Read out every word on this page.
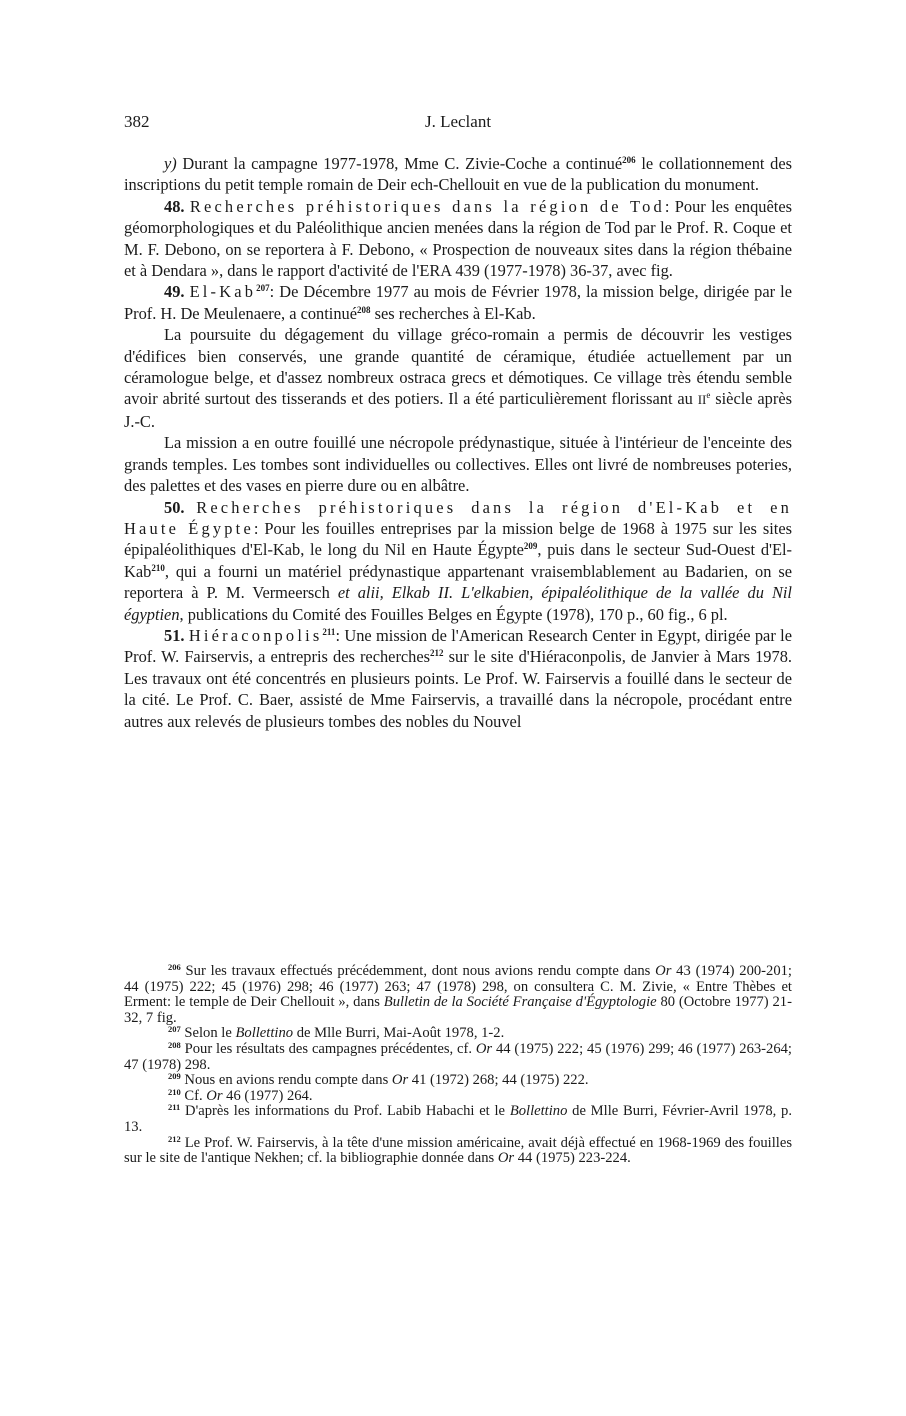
382	J. Leclant

y) Durant la campagne 1977-1978, Mme C. Zivie-Coche a continué$^{206}$ le collationnement des inscriptions du petit temple romain de Deir ech-Chellouit en vue de la publication du monument.

48. Recherches préhistoriques dans la région de Tod: Pour les enquêtes géomorphologiques et du Paléolithique ancien menées dans la région de Tod par le Prof. R. Coque et M. F. Debono, on se reportera à F. Debono, « Prospection de nouveaux sites dans la région thébaine et à Dendara », dans le rapport d'activité de l'ERA 439 (1977-1978) 36-37, avec fig.

49. El-Kab$^{207}$: De Décembre 1977 au mois de Février 1978, la mission belge, dirigée par le Prof. H. De Meulenaere, a continué$^{208}$ ses recherches à El-Kab.

La poursuite du dégagement du village gréco-romain a permis de découvrir les vestiges d'édifices bien conservés, une grande quantité de céramique, étudiée actuellement par un céramologue belge, et d'assez nombreux ostraca grecs et démotiques. Ce village très étendu semble avoir abrité surtout des tisserands et des potiers. Il a été particulièrement florissant au IIe siècle après J.-C.

La mission a en outre fouillé une nécropole prédynastique, située à l'intérieur de l'enceinte des grands temples. Les tombes sont individuelles ou collectives. Elles ont livré de nombreuses poteries, des palettes et des vases en pierre dure ou en albâtre.

50. Recherches préhistoriques dans la région d'El-Kab et en Haute Égypte: Pour les fouilles entreprises par la mission belge de 1968 à 1975 sur les sites épipaléolithiques d'El-Kab, le long du Nil en Haute Égypte$^{209}$, puis dans le secteur Sud-Ouest d'El-Kab$^{210}$, qui a fourni un matériel prédynastique appartenant vraisemblablement au Badarien, on se reportera à P. M. Vermeersch et alii, Elkab II. L'elkabien, épipaléolithique de la vallée du Nil égyptien, publications du Comité des Fouilles Belges en Égypte (1978), 170 p., 60 fig., 6 pl.

51. Hiéraconpolis$^{211}$: Une mission de l'American Research Center in Egypt, dirigée par le Prof. W. Fairservis, a entrepris des recherches$^{212}$ sur le site d'Hiéraconpolis, de Janvier à Mars 1978. Les travaux ont été concentrés en plusieurs points. Le Prof. W. Fairservis a fouillé dans le secteur de la cité. Le Prof. C. Baer, assisté de Mme Fairservis, a travaillé dans la nécropole, procédant entre autres aux relevés de plusieurs tombes des nobles du Nouvel

$^{206}$ Sur les travaux effectués précédemment, dont nous avions rendu compte dans Or 43 (1974) 200-201; 44 (1975) 222; 45 (1976) 298; 46 (1977) 263; 47 (1978) 298, on consultera C. M. Zivie, « Entre Thèbes et Erment: le temple de Deir Chellouit », dans Bulletin de la Société Française d'Égyptologie 80 (Octobre 1977) 21-32, 7 fig.

$^{207}$ Selon le Bollettino de Mlle Burri, Mai-Août 1978, 1-2.

$^{208}$ Pour les résultats des campagnes précédentes, cf. Or 44 (1975) 222; 45 (1976) 299; 46 (1977) 263-264; 47 (1978) 298.

$^{209}$ Nous en avions rendu compte dans Or 41 (1972) 268; 44 (1975) 222.

$^{210}$ Cf. Or 46 (1977) 264.

$^{211}$ D'après les informations du Prof. Labib Habachi et le Bollettino de Mlle Burri, Février-Avril 1978, p. 13.

$^{212}$ Le Prof. W. Fairservis, à la tête d'une mission américaine, avait déjà effectué en 1968-1969 des fouilles sur le site de l'antique Nekhen; cf. la bibliographie donnée dans Or 44 (1975) 223-224.
